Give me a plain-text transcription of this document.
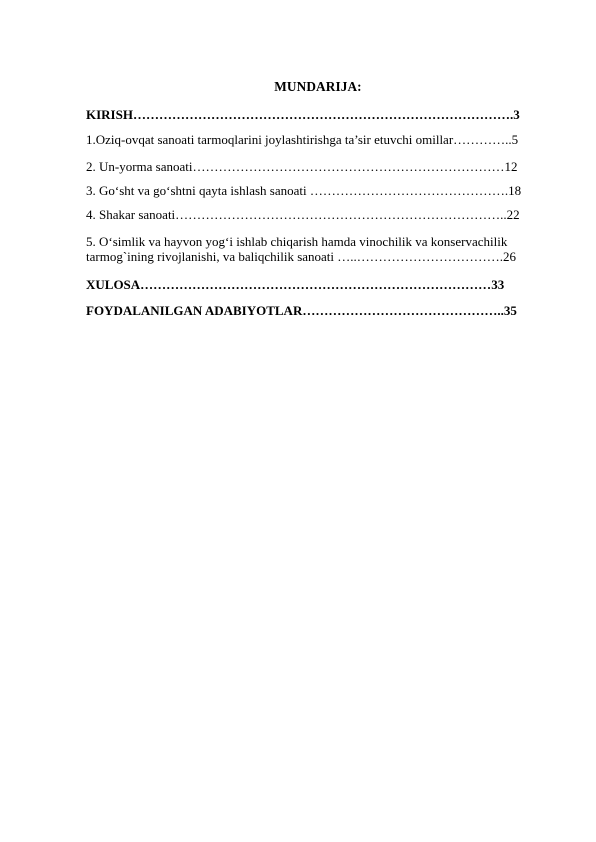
MUNDARIJA:
KIRISH…………………………………………………………………………….3
1.Oziq-ovqat sanoati tarmoqlarini joylashtirishga ta’sir etuvchi omillar…………..5
2. Un-yorma sanoati………………………………………………………………12
3. Go‘sht va go‘shtni qayta ishlash sanoati ……………………………………….18
4. Shakar sanoati…………………………………………………………………..22
5. O‘simlik va hayvon yog‘i ishlab chiqarish hamda vinochilik va konservachilik
tarmog`ining rivojlanishi, va baliqchilik sanoati …..…………………………….26
XULOSA………………………………………………………………………33
FOYDALANILGAN ADABIYOTLAR………………………………………..35
